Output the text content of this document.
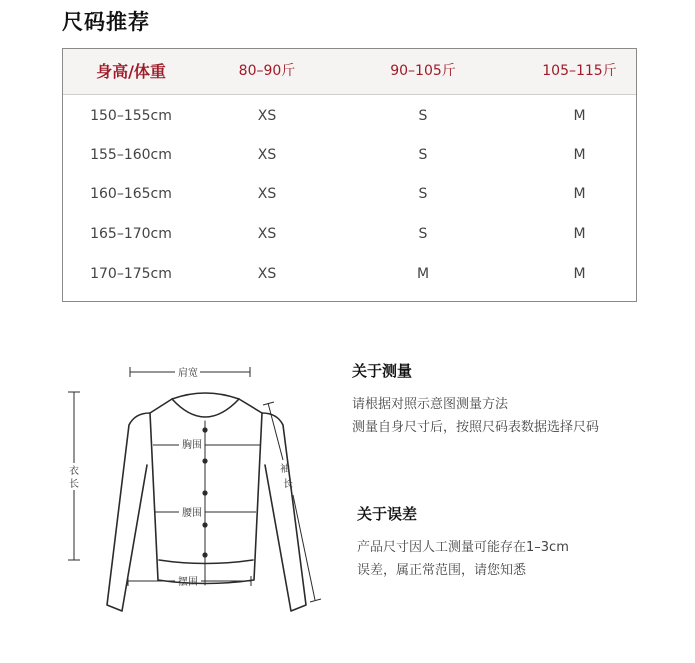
尺码推荐
身高/体重	80–90斤	90–105斤	105–115斤
150–155cm	XS	S	M
155–160cm	XS	S	M
160–165cm	XS	S	M
165–170cm	XS	S	M
170–175cm	XS	M	M
肩宽
胸围
腰围
摆围
衣
长
袖
长
关于测量
请根据对照示意图测量方法
测量自身尺寸后，按照尺码表数据选择尺码
关于误差
产品尺寸因人工测量可能存在1–3cm
误差，属正常范围，请您知悉
